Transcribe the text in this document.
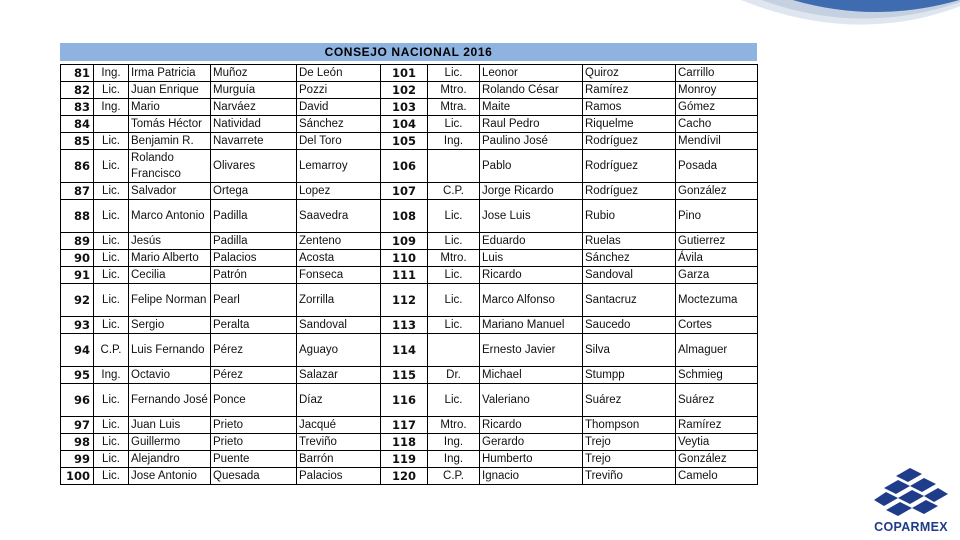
CONSEJO NACIONAL 2016
81	Ing.	Irma Patricia	Muñoz	De León	101	Lic.	Leonor	Quiroz	Carrillo
82	Lic.	Juan Enrique	Murguía	Pozzi	102	Mtro.	Rolando César	Ramírez	Monroy
83	Ing.	Mario	Narváez	David	103	Mtra.	Maite	Ramos	Gómez
84		Tomás Héctor	Natividad	Sánchez	104	Lic.	Raul Pedro	Riquelme	Cacho
85	Lic.	Benjamin R.	Navarrete	Del Toro	105	Ing.	Paulino José	Rodríguez	Mendívil
86	Lic.	Rolando Francisco	Olivares	Lemarroy	106		Pablo	Rodríguez	Posada
87	Lic.	Salvador	Ortega	Lopez	107	C.P.	Jorge Ricardo	Rodríguez	González
88	Lic.	Marco Antonio	Padilla	Saavedra	108	Lic.	Jose Luis	Rubio	Pino
89	Lic.	Jesús	Padilla	Zenteno	109	Lic.	Eduardo	Ruelas	Gutierrez
90	Lic.	Mario Alberto	Palacios	Acosta	110	Mtro.	Luis	Sánchez	Ávila
91	Lic.	Cecilia	Patrón	Fonseca	111	Lic.	Ricardo	Sandoval	Garza
92	Lic.	Felipe Norman	Pearl	Zorrilla	112	Lic.	Marco Alfonso	Santacruz	Moctezuma
93	Lic.	Sergio	Peralta	Sandoval	113	Lic.	Mariano Manuel	Saucedo	Cortes
94	C.P.	Luis Fernando	Pérez	Aguayo	114		Ernesto Javier	Silva	Almaguer
95	Ing.	Octavio	Pérez	Salazar	115	Dr.	Michael	Stumpp	Schmieg
96	Lic.	Fernando José	Ponce	Díaz	116	Lic.	Valeriano	Suárez	Suárez
97	Lic.	Juan Luis	Prieto	Jacqué	117	Mtro.	Ricardo	Thompson	Ramírez
98	Lic.	Guillermo	Prieto	Treviño	118	Ing.	Gerardo	Trejo	Veytia
99	Lic.	Alejandro	Puente	Barrón	119	Ing.	Humberto	Trejo	González
100	Lic.	Jose Antonio	Quesada	Palacios	120	C.P.	Ignacio	Treviño	Camelo
COPARMEX
